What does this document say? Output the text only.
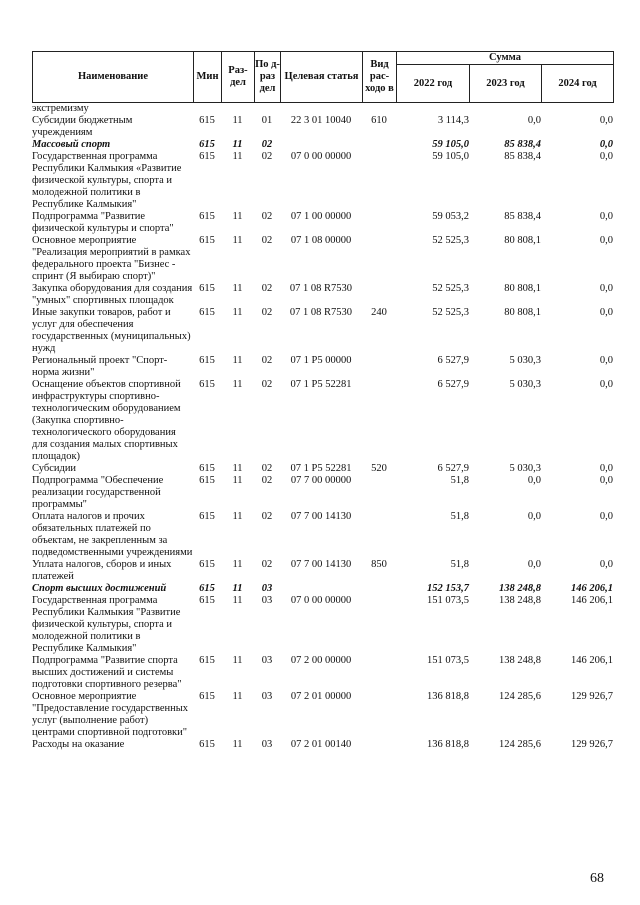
Наименование	Мин	Раз- дел	По д- раз дел	Целевая статья	Вид рас- ходо в	Сумма		
						2022 год	2023 год	2024 год
экстремизму								
Субсидии бюджетным учреждениям	615	11	01	22 3 01 10040	610	3 114,3	0,0	0,0
Массовый спорт	615	11	02			59 105,0	85 838,4	0,0
Государственная программа Республики Калмыкия «Развитие физической культуры, спорта и молодежной политики в Республике Калмыкия"	615	11	02	07 0 00 00000		59 105,0	85 838,4	0,0
Подпрограмма "Развитие физической культуры и спорта"	615	11	02	07 1 00 00000		59 053,2	85 838,4	0,0
Основное мероприятие "Реализация мероприятий в рамках федерального проекта "Бизнес - спринт (Я выбираю спорт)"	615	11	02	07 1 08 00000		52 525,3	80 808,1	0,0
Закупка оборудования для создания "умных" спортивных площадок	615	11	02	07 1 08 R7530		52 525,3	80 808,1	0,0
Иные закупки товаров, работ и услуг для обеспечения государственных (муниципальных) нужд	615	11	02	07 1 08 R7530	240	52 525,3	80 808,1	0,0
Региональный проект "Спорт- норма жизни"	615	11	02	07 1 P5 00000		6 527,9	5 030,3	0,0
Оснащение объектов спортивной инфраструктуры спортивно-технологическим оборудованием (Закупка спортивно-технологического оборудования для создания малых спортивных площадок)	615	11	02	07 1 P5 52281		6 527,9	5 030,3	0,0
Субсидии	615	11	02	07 1 P5 52281	520	6 527,9	5 030,3	0,0
Подпрограмма "Обеспечение реализации государственной программы"	615	11	02	07 7 00 00000		51,8	0,0	0,0
Оплата налогов и прочих обязательных платежей по объектам, не закрепленным за подведомственными учреждениями	615	11	02	07 7 00 14130		51,8	0,0	0,0
Уплата налогов, сборов и иных платежей	615	11	02	07 7 00 14130	850	51,8	0,0	0,0
Спорт высших достижений	615	11	03			152 153,7	138 248,8	146 206,1
Государственная программа Республики Калмыкия "Развитие физической культуры, спорта и молодежной политики в Республике Калмыкия"	615	11	03	07 0 00 00000		151 073,5	138 248,8	146 206,1
Подпрограмма "Развитие спорта высших достижений и системы подготовки спортивного резерва"	615	11	03	07 2 00 00000		151 073,5	138 248,8	146 206,1
Основное мероприятие "Предоставление государственных услуг (выполнение работ) центрами спортивной подготовки"	615	11	03	07 2 01 00000		136 818,8	124 285,6	129 926,7
Расходы на оказание	615	11	03	07 2 01 00140		136 818,8	124 285,6	129 926,7
68
